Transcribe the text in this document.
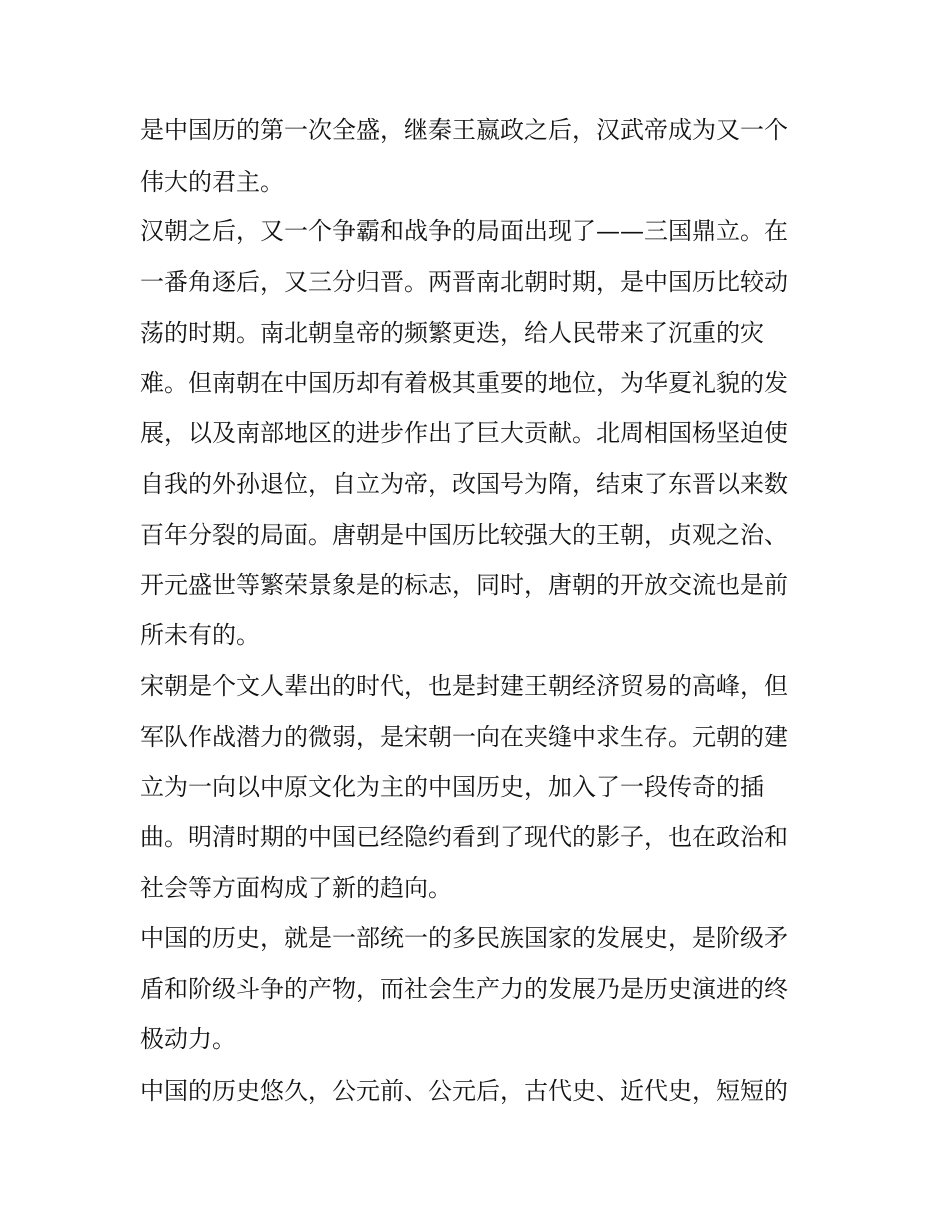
是中国历的第一次全盛，继秦王嬴政之后，汉武帝成为又一个
伟大的君主。
汉朝之后，又一个争霸和战争的局面出现了——三国鼎立。在
一番角逐后，又三分归晋。两晋南北朝时期，是中国历比较动
荡的时期。南北朝皇帝的频繁更迭，给人民带来了沉重的灾
难。但南朝在中国历却有着极其重要的地位，为华夏礼貌的发
展，以及南部地区的进步作出了巨大贡献。北周相国杨坚迫使
自我的外孙退位，自立为帝，改国号为隋，结束了东晋以来数
百年分裂的局面。唐朝是中国历比较强大的王朝，贞观之治、
开元盛世等繁荣景象是的标志，同时，唐朝的开放交流也是前
所未有的。
宋朝是个文人辈出的时代，也是封建王朝经济贸易的高峰，但
军队作战潜力的微弱，是宋朝一向在夹缝中求生存。元朝的建
立为一向以中原文化为主的中国历史，加入了一段传奇的插
曲。明清时期的中国已经隐约看到了现代的影子，也在政治和
社会等方面构成了新的趋向。
中国的历史，就是一部统一的多民族国家的发展史，是阶级矛
盾和阶级斗争的产物，而社会生产力的发展乃是历史演进的终
极动力。
中国的历史悠久，公元前、公元后，古代史、近代史，短短的
